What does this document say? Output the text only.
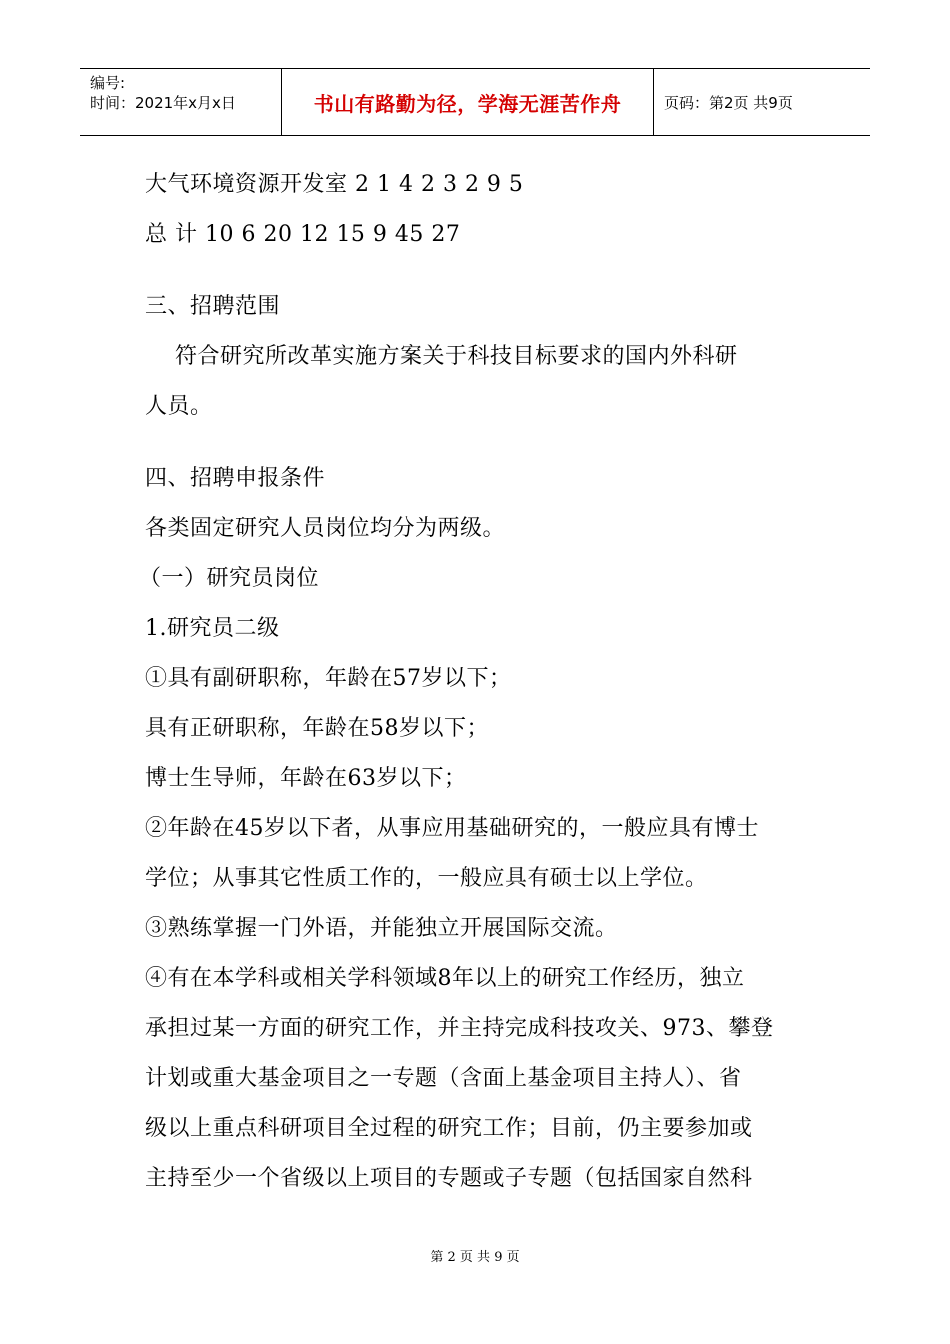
编号:
时间：2021年x月x日	书山有路勤为径，学海无涯苦作舟	页码：第2页 共9页
大气环境资源开发室 2 1 4 2 3 2 9 5
总 计 10 6 20 12 15 9 45 27
三、招聘范围
符合研究所改革实施方案关于科技目标要求的国内外科研
人员。
四、招聘申报条件
各类固定研究人员岗位均分为两级。
（一）研究员岗位
1.研究员二级
①具有副研职称，年龄在57岁以下；
具有正研职称，年龄在58岁以下；
博士生导师，年龄在63岁以下；
②年龄在45岁以下者，从事应用基础研究的，一般应具有博士
学位；从事其它性质工作的，一般应具有硕士以上学位。
③熟练掌握一门外语，并能独立开展国际交流。
④有在本学科或相关学科领域8年以上的研究工作经历，独立
承担过某一方面的研究工作，并主持完成科技攻关、973、攀登
计划或重大基金项目之一专题（含面上基金项目主持人）、省
级以上重点科研项目全过程的研究工作；目前，仍主要参加或
主持至少一个省级以上项目的专题或子专题（包括国家自然科
第 2 页 共 9 页
